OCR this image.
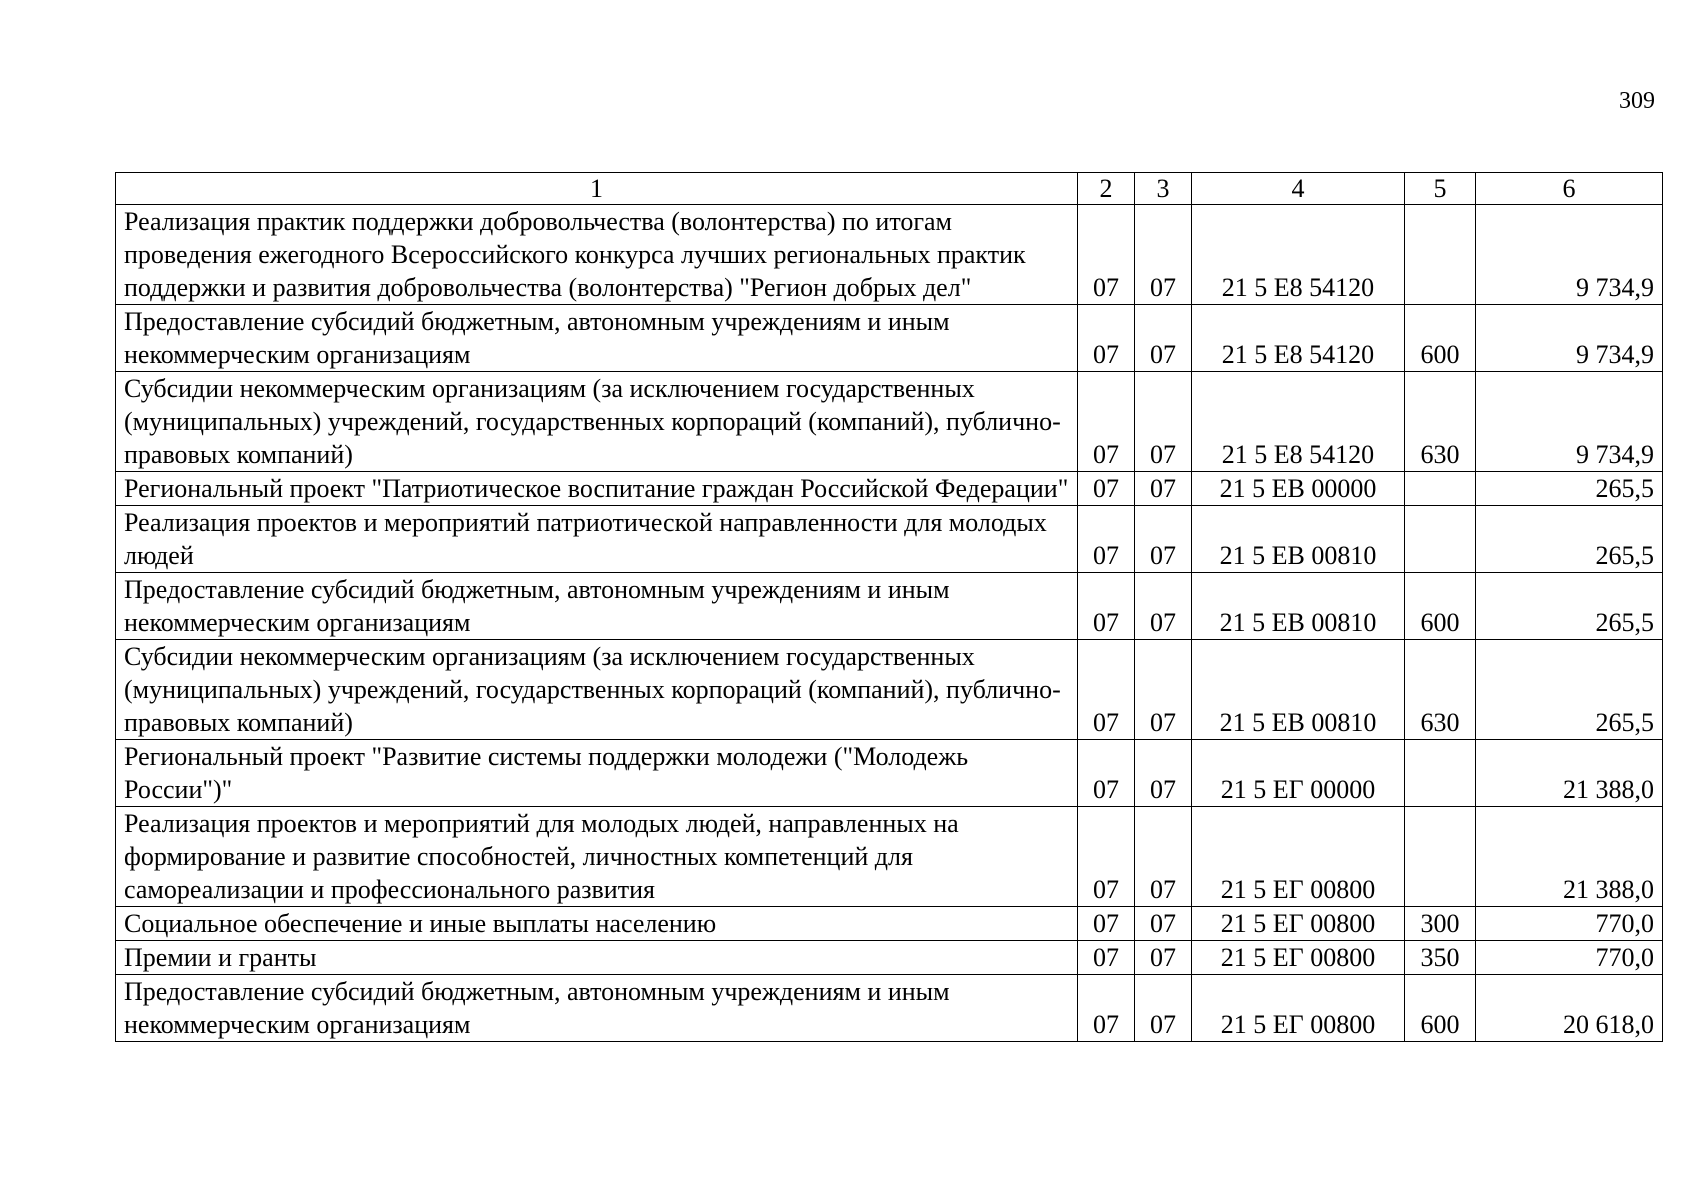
309
1	2	3	4	5	6
Реализация практик поддержки добровольчества (волонтерства) по итогам проведения ежегодного Всероссийского конкурса лучших региональных практик поддержки и развития добровольчества (волонтерства) "Регион добрых дел"	07	07	21 5 Е8 54120		9 734,9
Предоставление субсидий бюджетным, автономным учреждениям и иным некоммерческим организациям	07	07	21 5 Е8 54120	600	9 734,9
Субсидии некоммерческим организациям (за исключением государственных (муниципальных) учреждений, государственных корпораций (компаний), публично-правовых компаний)	07	07	21 5 Е8 54120	630	9 734,9
Региональный проект "Патриотическое воспитание граждан Российской Федерации"	07	07	21 5 ЕВ 00000		265,5
Реализация проектов и мероприятий патриотической направленности для молодых людей	07	07	21 5 ЕВ 00810		265,5
Предоставление субсидий бюджетным, автономным учреждениям и иным некоммерческим организациям	07	07	21 5 ЕВ 00810	600	265,5
Субсидии некоммерческим организациям (за исключением государственных (муниципальных) учреждений, государственных корпораций (компаний), публично-правовых компаний)	07	07	21 5 ЕВ 00810	630	265,5
Региональный проект "Развитие системы поддержки молодежи ("Молодежь России")"	07	07	21 5 ЕГ 00000		21 388,0
Реализация проектов и мероприятий для молодых людей, направленных на формирование и развитие способностей, личностных компетенций для самореализации и профессионального развития	07	07	21 5 ЕГ 00800		21 388,0
Социальное обеспечение и иные выплаты населению	07	07	21 5 ЕГ 00800	300	770,0
Премии и гранты	07	07	21 5 ЕГ 00800	350	770,0
Предоставление субсидий бюджетным, автономным учреждениям и иным некоммерческим организациям	07	07	21 5 ЕГ 00800	600	20 618,0
